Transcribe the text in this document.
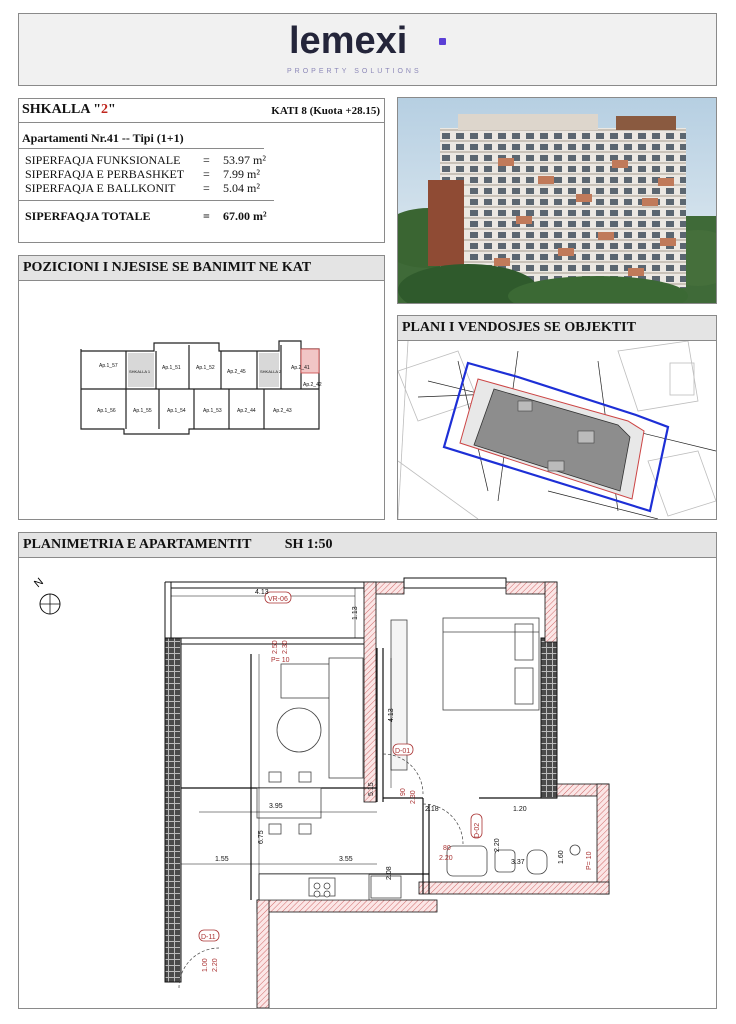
lemexi
PROPERTY SOLUTIONS
SHKALLA "2"	KATI 8 (Kuota +28.15)
Apartamenti Nr.41 -- Tipi (1+1)
SIPERFAQJA FUNKSIONALE = 53.97 m²
SIPERFAQJA E PERBASHKET = 7.99 m²
SIPERFAQJA E BALLKONIT = 5.04 m²
SIPERFAQJA TOTALE	= 67.00 m²
POZICIONI I NJESISE SE BANIMIT NE KAT
Ap.1_57
SHKALLA 1
Ap.1_51	Ap.1_52
Ap.2_45	SHKALLA 2
Ap.2_41
Ap.2_42
Ap.1_56	Ap.1_55	Ap.1_54	Ap.1_53	Ap.2_44	Ap.2_43
PLANI I VENDOSJES SE OBJEKTIT
PLANIMETRIA E APARTAMENTIT SH 1:50
N
VR-06
D-01
D-02
D-11
4.13
1.13
2.50 2.30
P= 10
4.13
3.95
6.75
5.15	90 2.30
2.18	1.20
80
2.20
2.20
1.60
1.55	3.55
2.08
3.37
1.00 2.20
P= 10
